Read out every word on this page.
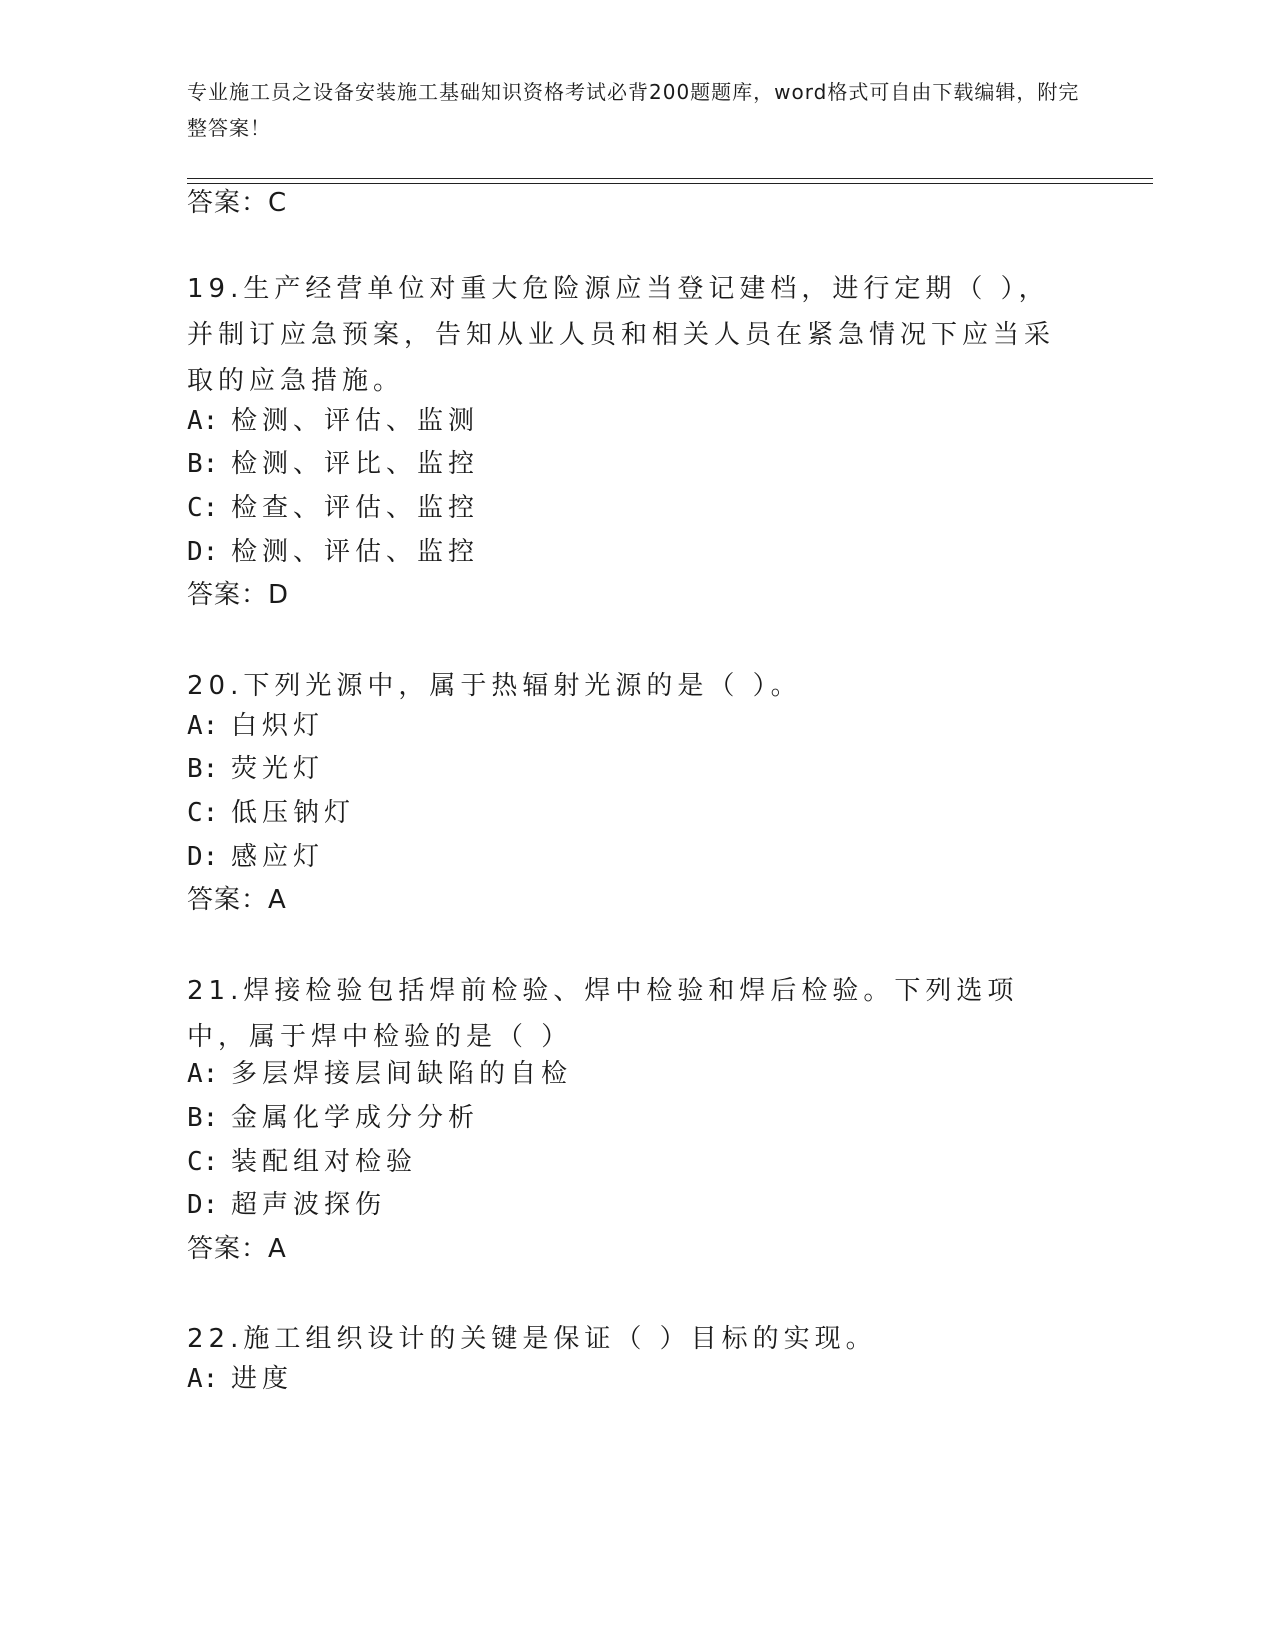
专业施工员之设备安装施工基础知识资格考试必背200题题库，word格式可自由下载编辑，附完整答案！
答案：C
19.生产经营单位对重大危险源应当登记建档，进行定期（ ），并制订应急预案，告知从业人员和相关人员在紧急情况下应当采取的应急措施。
A: 检测、评估、监测
B: 检测、评比、监控
C: 检查、评估、监控
D: 检测、评估、监控
答案：D
20.下列光源中，属于热辐射光源的是（ ）。
A: 白炽灯
B: 荧光灯
C: 低压钠灯
D: 感应灯
答案：A
21.焊接检验包括焊前检验、焊中检验和焊后检验。下列选项中，属于焊中检验的是（ ）
A: 多层焊接层间缺陷的自检
B: 金属化学成分分析
C: 装配组对检验
D: 超声波探伤
答案：A
22.施工组织设计的关键是保证（ ）目标的实现。
A: 进度
